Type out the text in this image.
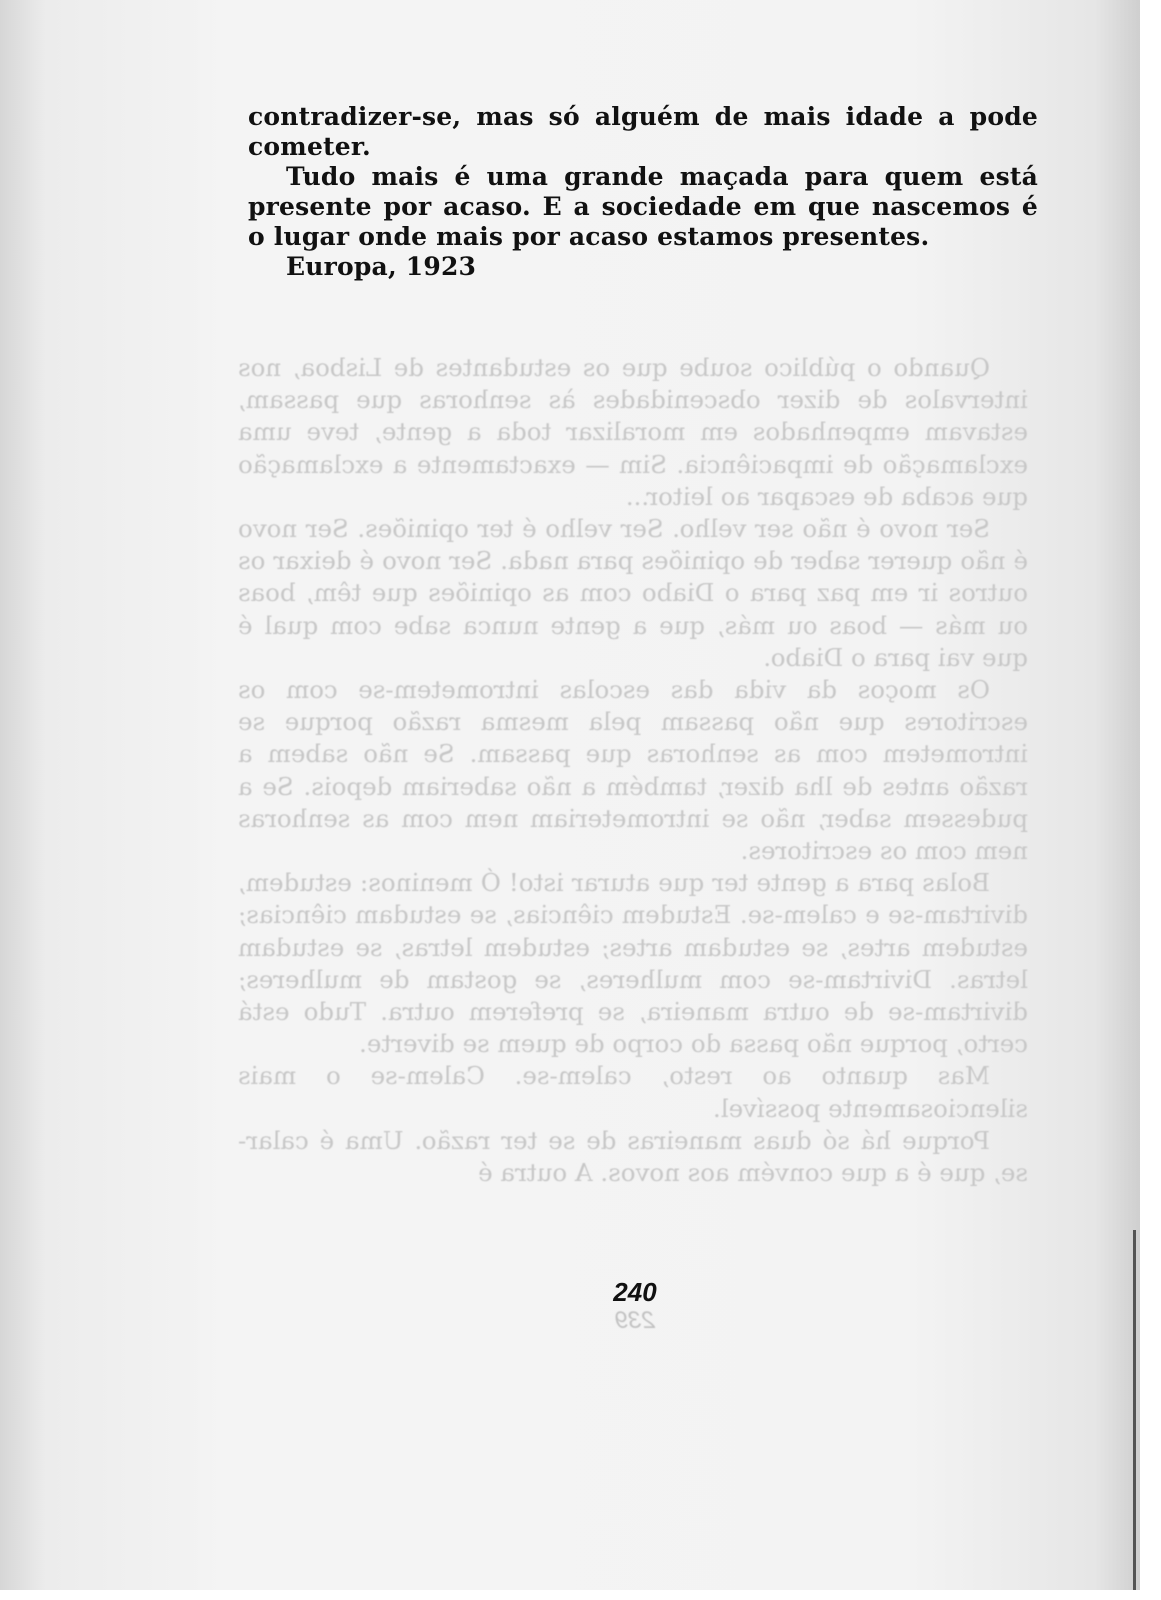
Quando o público soube que os estudantes de Lisboa, nos intervalos de dizer obscenidades às senhoras que passam, estavam empenhados em moralizar toda a gente, teve uma exclamação de impaciência. Sim — exactamente a exclamação que acaba de escapar ao leitor...

Ser novo é não ser velho. Ser velho é ter opiniões. Ser novo é não querer saber de opiniões para nada. Ser novo é deixar os outros ir em paz para o Diabo com as opiniões que têm, boas ou más — boas ou más, que a gente nunca sabe com qual é que vai para o Diabo.

Os moços da vida das escolas intrometem-se com os escritores que não passam pela mesma razão porque se intrometem com as senhoras que passam. Se não sabem a razão antes de lha dizer, também a não saberiam depois. Se a pudessem saber, não se intrometeriam nem com as senhoras nem com os escritores.

Bolas para a gente ter que aturar isto! Ó meninos: estudem, divirtam-se e calem-se. Estudem ciências, se estudam ciências; estudem artes, se estudam artes; estudem letras, se estudam letras. Divirtam-se com mulheres, se gostam de mulheres; divirtam-se de outra maneira, se preferem outra. Tudo está certo, porque não passa do corpo de quem se diverte.

Mas quanto ao resto, calem-se. Calem-se o mais silenciosamente possível.

Porque há só duas maneiras de se ter razão. Uma é calar-se, que é a que convém aos novos. A outra é

contradizer-se, mas só alguém de mais idade a pode cometer.

Tudo mais é uma grande maçada para quem está presente por acaso. E a sociedade em que nascemos é o lugar onde mais por acaso estamos presentes.

Europa, 1923

240
239
